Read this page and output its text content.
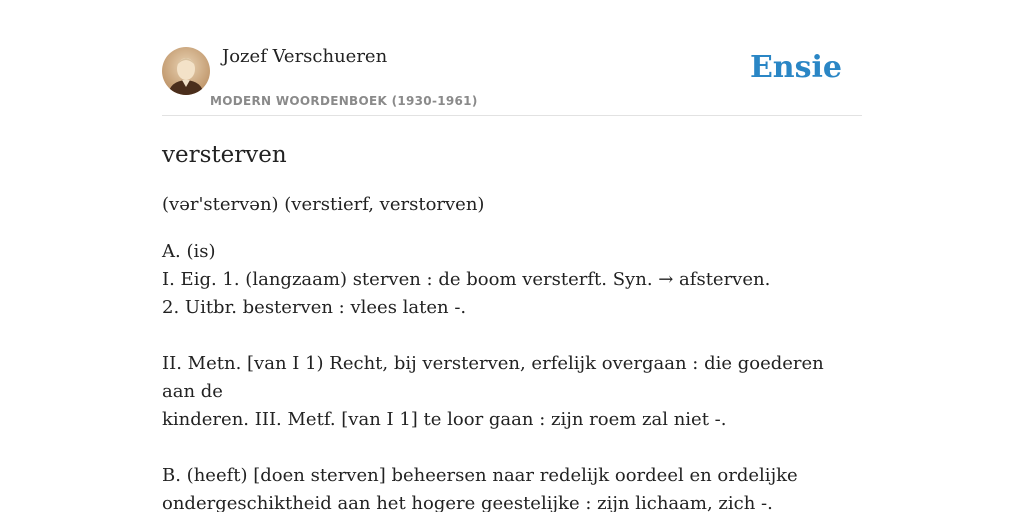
Jozef Verschueren
MODERN WOORDENBOEK (1930-1961)
Ensie
versterven

(vər'stervən) (verstierf, verstorven)

A. (is)

I. Eig. 1. (langzaam) sterven : de boom versterft. Syn. → afsterven.

2. Uitbr. besterven : vlees laten -.

II. Metn. [van I 1) Recht, bij versterven, erfelijk overgaan : die goederen aan de

kinderen. III. Metf. [van I 1] te loor gaan : zijn roem zal niet -.

B. (heeft) [doen sterven] beheersen naar redelijk oordeel en ordelijke

ondergeschiktheid aan het hogere geestelijke : zijn lichaam, zich -.
